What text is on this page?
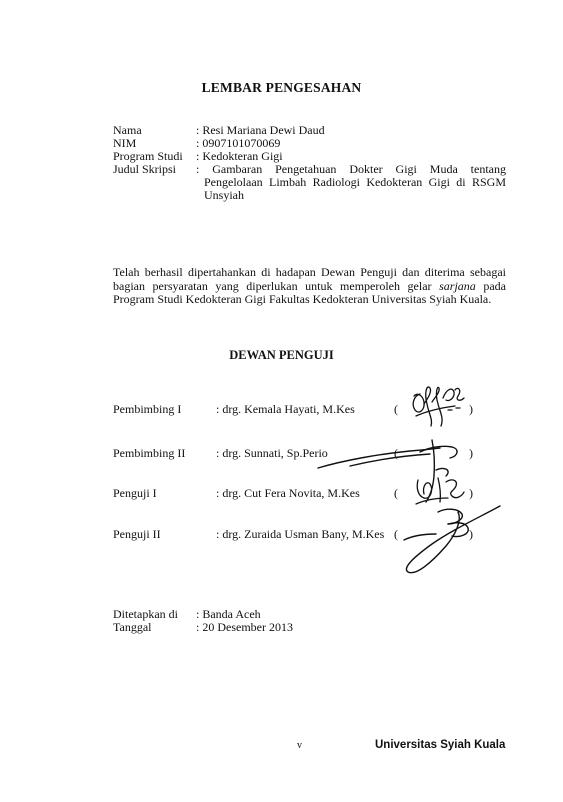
LEMBAR PENGESAHAN
Nama	: Resi Mariana Dewi Daud
NIM	: 0907101070069
Program Studi : Kedokteran Gigi
Judul Skripsi : Gambaran Pengetahuan Dokter Gigi Muda tentang
Pengelolaan Limbah Radiologi Kedokteran Gigi di RSGM
Unsyiah
Telah berhasil dipertahankan di hadapan Dewan Penguji dan diterima sebagai
bagian persyaratan yang diperlukan untuk memperoleh gelar sarjana pada
Program Studi Kedokteran Gigi Fakultas Kedokteran Universitas Syiah Kuala.
DEWAN PENGUJI
Pembimbing I	: drg. Kemala Hayati, M.Kes	(	)
Pembimbing II	: drg. Sunnati, Sp.Perio	(	)
Penguji I	: drg. Cut Fera Novita, M.Kes	(	)
Penguji II	: drg. Zuraida Usman Bany, M.Kes (	)
Ditetapkan di : Banda Aceh
Tanggal	: 20 Desember 2013
v	Universitas Syiah Kuala
